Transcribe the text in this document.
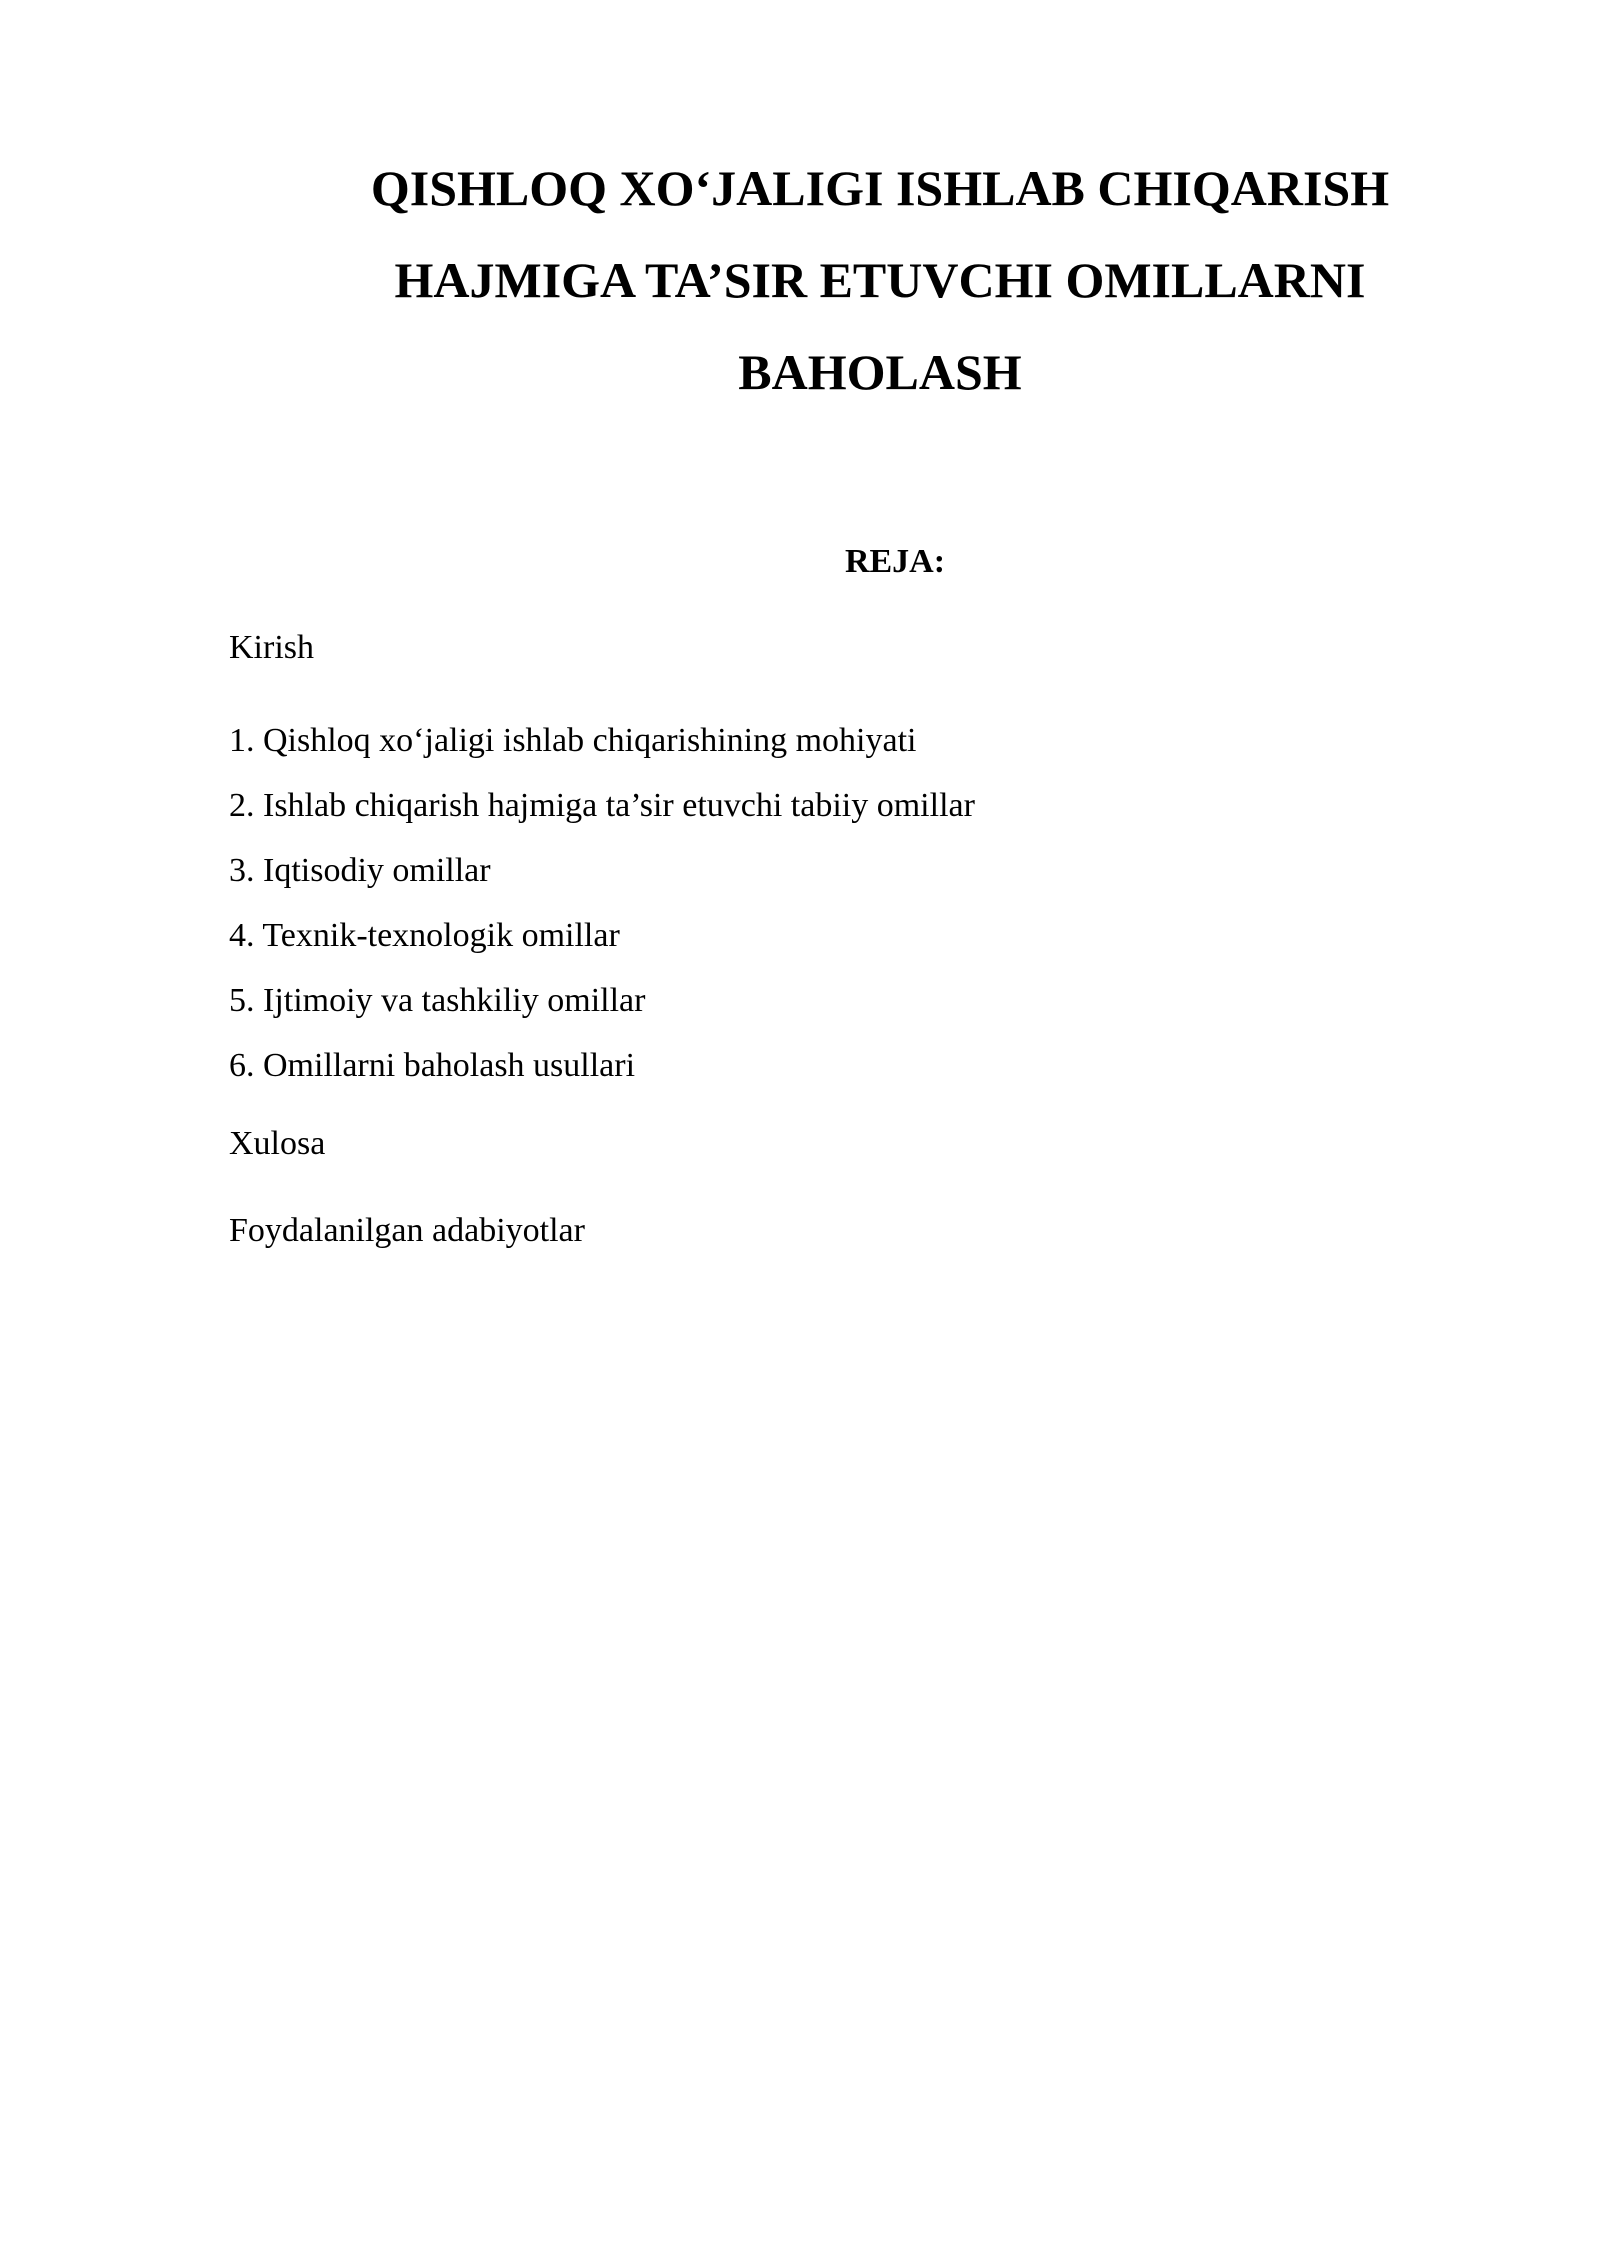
QISHLOQ XO‘JALIGI ISHLAB CHIQARISH
HAJMIGA TA’SIR ETUVCHI OMILLARNI
BAHOLASH

REJA:

Kirish

1. Qishloq xo‘jaligi ishlab chiqarishining mohiyati
2. Ishlab chiqarish hajmiga ta’sir etuvchi tabiiy omillar
3. Iqtisodiy omillar
4. Texnik-texnologik omillar
5. Ijtimoiy va tashkiliy omillar
6. Omillarni baholash usullari

Xulosa

Foydalanilgan adabiyotlar
